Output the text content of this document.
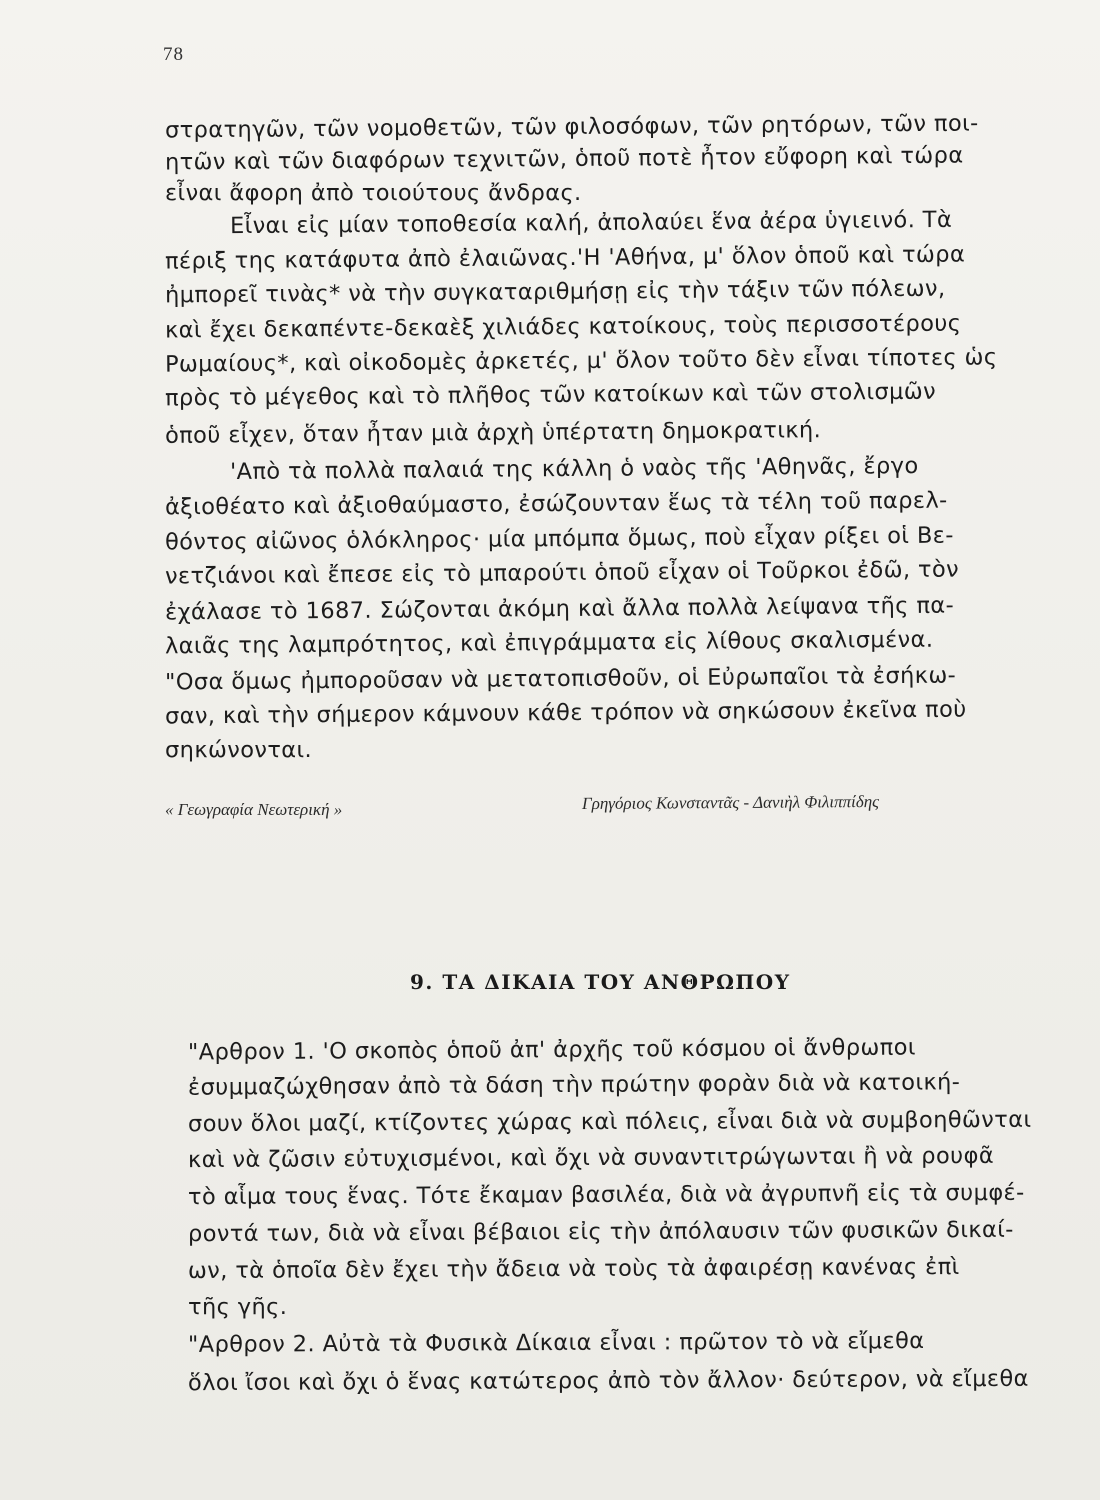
78
στρατηγῶν, τῶν νομοθετῶν, τῶν φιλοσόφων, τῶν ρητόρων, τῶν ποι-
ητῶν καὶ τῶν διαφόρων τεχνιτῶν, ὁποῦ ποτὲ ἦτον εὔφορη καὶ τώρα
εἶναι ἄφορη ἀπὸ τοιούτους ἄνδρας.
Εἶναι εἰς μίαν τοποθεσία καλή, ἀπολαύει ἕνα ἀέρα ὑγιεινό. Τὰ
πέριξ της κατάφυτα ἀπὸ ἐλαιῶνας.'Η 'Αθήνα, μ' ὅλον ὁποῦ καὶ τώρα
ἠμπορεῖ τινὰς* νὰ τὴν συγκαταριθμήσῃ εἰς τὴν τάξιν τῶν πόλεων,
καὶ ἔχει δεκαπέντε-δεκαὲξ χιλιάδες κατοίκους, τοὺς περισσοτέρους
Ρωμαίους*, καὶ οἰκοδομὲς ἀρκετές, μ' ὅλον τοῦτο δὲν εἶναι τίποτες ὡς
πρὸς τὸ μέγεθος καὶ τὸ πλῆθος τῶν κατοίκων καὶ τῶν στολισμῶν
ὁποῦ εἶχεν, ὅταν ἦταν μιὰ ἀρχὴ ὑπέρτατη δημοκρατική.
'Απὸ τὰ πολλὰ παλαιά της κάλλη ὁ ναὸς τῆς 'Αθηνᾶς, ἔργο
ἀξιοθέατο καὶ ἀξιοθαύμαστο, ἐσώζουνταν ἕως τὰ τέλη τοῦ παρελ-
θόντος αἰῶνος ὁλόκληρος· μία μπόμπα ὅμως, ποὺ εἶχαν ρίξει οἱ Βε-
νετζιάνοι καὶ ἔπεσε εἰς τὸ μπαρούτι ὁποῦ εἶχαν οἱ Τοῦρκοι ἐδῶ, τὸν
ἐχάλασε τὸ 1687. Σώζονται ἀκόμη καὶ ἄλλα πολλὰ λείψανα τῆς πα-
λαιᾶς της λαμπρότητος, καὶ ἐπιγράμματα εἰς λίθους σκαλισμένα.
"Οσα ὅμως ἠμποροῦσαν νὰ μετατοπισθοῦν, οἱ Εὐρωπαῖοι τὰ ἐσήκω-
σαν, καὶ τὴν σήμερον κάμνουν κάθε τρόπον νὰ σηκώσουν ἐκεῖνα ποὺ
σηκώνονται.
« Γεωγραφία Νεωτερική »	Γρηγόριος Κωνσταντᾶς - Δανιὴλ Φιλιππίδης
9. ΤΑ ΔΙΚΑΙΑ ΤΟΥ ΑΝΘΡΩΠΟΥ
"Αρθρον 1. 'Ο σκοπὸς ὁποῦ ἀπ' ἀρχῆς τοῦ κόσμου οἱ ἄνθρωποι
ἐσυμμαζώχθησαν ἀπὸ τὰ δάση τὴν πρώτην φορὰν διὰ νὰ κατοική-
σουν ὅλοι μαζί, κτίζοντες χώρας καὶ πόλεις, εἶναι διὰ νὰ συμβοηθῶνται
καὶ νὰ ζῶσιν εὐτυχισμένοι, καὶ ὄχι νὰ συναντιτρώγωνται ἢ νὰ ρουφᾶ
τὸ αἷμα τους ἕνας. Τότε ἔκαμαν βασιλέα, διὰ νὰ ἀγρυπνῆ εἰς τὰ συμφέ-
ροντά των, διὰ νὰ εἶναι βέβαιοι εἰς τὴν ἀπόλαυσιν τῶν φυσικῶν δικαί-
ων, τὰ ὁποῖα δὲν ἔχει τὴν ἄδεια νὰ τοὺς τὰ ἀφαιρέσῃ κανένας ἐπὶ
τῆς γῆς.
"Αρθρον 2. Αὐτὰ τὰ Φυσικὰ Δίκαια εἶναι : πρῶτον τὸ νὰ εἴμεθα
ὅλοι ἴσοι καὶ ὄχι ὁ ἕνας κατώτερος ἀπὸ τὸν ἄλλον· δεύτερον, νὰ εἴμεθα
